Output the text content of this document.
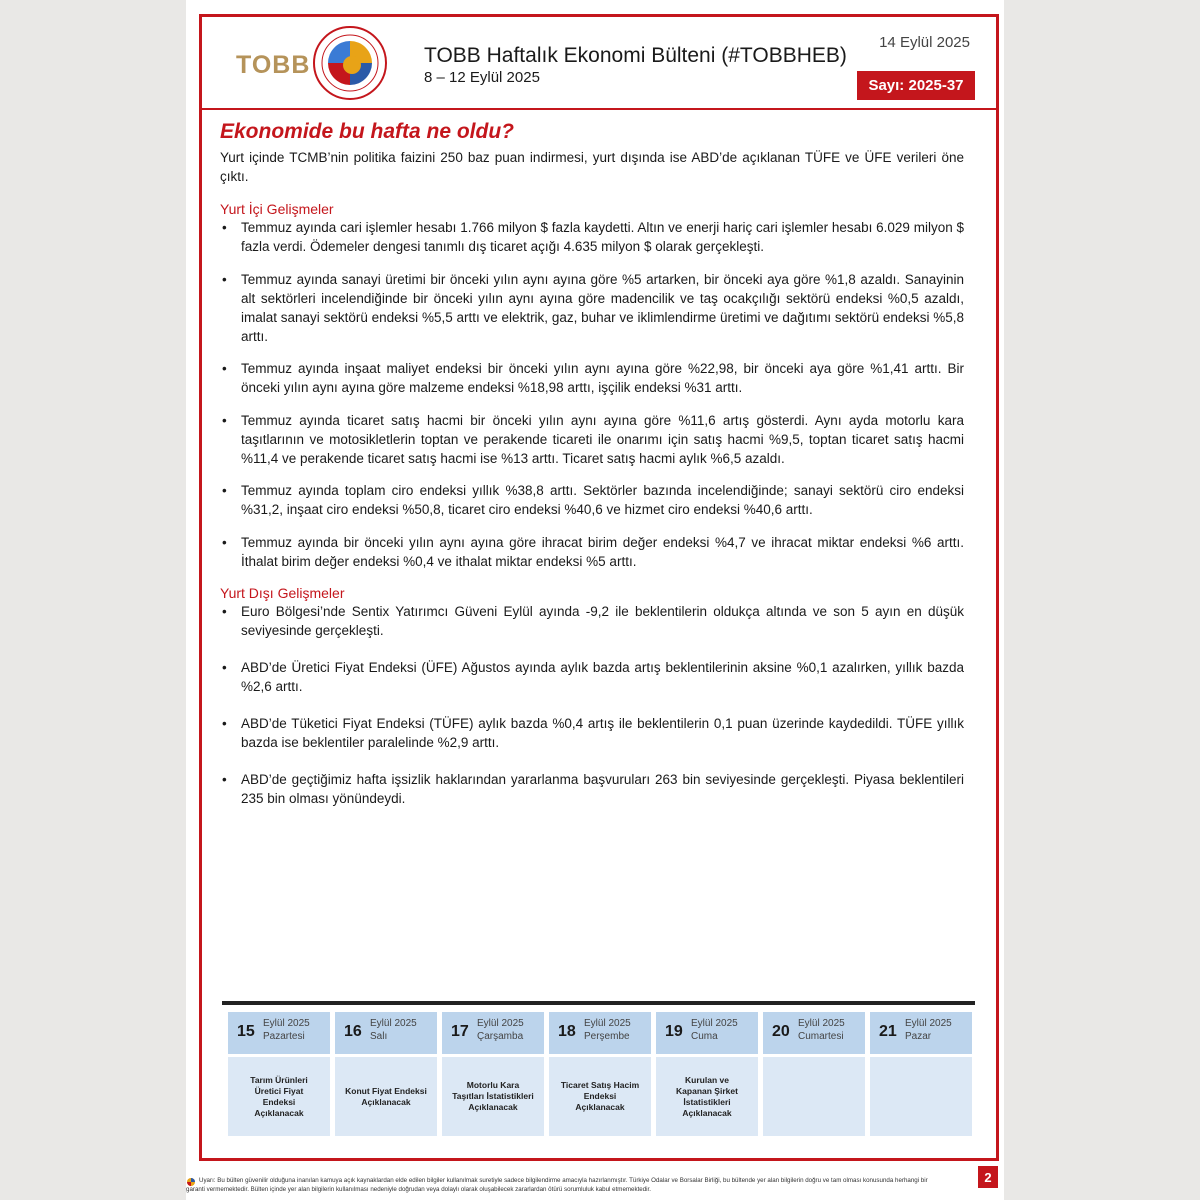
TOBB	TOBB Haftalık Ekonomi Bülteni (#TOBBHEB)
8 – 12 Eylül 2025
14 Eylül 2025
Sayı: 2025-37
Ekonomide bu hafta ne oldu?
Yurt içinde TCMB’nin politika faizini 250 baz puan indirmesi, yurt dışında ise ABD’de açıklanan TÜFE ve ÜFE verileri öne çıktı.
Yurt İçi Gelişmeler
• Temmuz ayında cari işlemler hesabı 1.766 milyon $ fazla kaydetti. Altın ve enerji hariç cari işlemler hesabı 6.029 milyon $ fazla verdi. Ödemeler dengesi tanımlı dış ticaret açığı 4.635 milyon $ olarak gerçekleşti.
• Temmuz ayında sanayi üretimi bir önceki yılın aynı ayına göre %5 artarken, bir önceki aya göre %1,8 azaldı. Sanayinin alt sektörleri incelendiğinde bir önceki yılın aynı ayına göre madencilik ve taş ocakçılığı sektörü endeksi %0,5 azaldı, imalat sanayi sektörü endeksi %5,5 arttı ve elektrik, gaz, buhar ve iklimlendirme üretimi ve dağıtımı sektörü endeksi %5,8 arttı.
• Temmuz ayında inşaat maliyet endeksi bir önceki yılın aynı ayına göre %22,98, bir önceki aya göre %1,41 arttı. Bir önceki yılın aynı ayına göre malzeme endeksi %18,98 arttı, işçilik endeksi %31 arttı.
• Temmuz ayında ticaret satış hacmi bir önceki yılın aynı ayına göre %11,6 artış gösterdi. Aynı ayda motorlu kara taşıtlarının ve motosikletlerin toptan ve perakende ticareti ile onarımı için satış hacmi %9,5, toptan ticaret satış hacmi %11,4 ve perakende ticaret satış hacmi ise %13 arttı. Ticaret satış hacmi aylık %6,5 azaldı.
• Temmuz ayında toplam ciro endeksi yıllık %38,8 arttı. Sektörler bazında incelendiğinde; sanayi sektörü ciro endeksi %31,2, inşaat ciro endeksi %50,8, ticaret ciro endeksi %40,6 ve hizmet ciro endeksi %40,6 arttı.
• Temmuz ayında bir önceki yılın aynı ayına göre ihracat birim değer endeksi %4,7 ve ihracat miktar endeksi %6 arttı. İthalat birim değer endeksi %0,4 ve ithalat miktar endeksi %5 arttı.
Yurt Dışı Gelişmeler
• Euro Bölgesi’nde Sentix Yatırımcı Güveni Eylül ayında -9,2 ile beklentilerin oldukça altında ve son 5 ayın en düşük seviyesinde gerçekleşti.
• ABD’de Üretici Fiyat Endeksi (ÜFE) Ağustos ayında aylık bazda artış beklentilerinin aksine %0,1 azalırken, yıllık bazda %2,6 arttı.
• ABD’de Tüketici Fiyat Endeksi (TÜFE) aylık bazda %0,4 artış ile beklentilerin 0,1 puan üzerinde kaydedildi. TÜFE yıllık bazda ise beklentiler paralelinde %2,9 arttı.
• ABD’de geçtiğimiz hafta işsizlik haklarından yararlanma başvuruları 263 bin seviyesinde gerçekleşti. Piyasa beklentileri 235 bin olması yönündeydi.
15 Eylül 2025
Pazartesi
Tarım Ürünleri Üretici Fiyat Endeksi Açıklanacak
16 Eylül 2025
Salı
Konut Fiyat Endeksi Açıklanacak
17 Eylül 2025
Çarşamba
Motorlu Kara Taşıtları İstatistikleri Açıklanacak
18 Eylül 2025
Perşembe
Ticaret Satış Hacim Endeksi Açıklanacak
19 Eylül 2025
Cuma
Kurulan ve Kapanan Şirket İstatistikleri Açıklanacak
20 Eylül 2025
Cumartesi 21 Eylül 2025
Pazar
Uyarı: Bu bülten güvenilir olduğuna inanılan kamuya açık kaynaklardan elde edilen bilgiler kullanılmak suretiyle sadece bilgilendirme amacıyla hazırlanmıştır. Türkiye Odalar ve Borsalar Birliği, bu bültende yer alan bilgilerin doğru ve tam olması konusunda herhangi bir garanti vermemektedir. Bülten içinde yer alan bilgilerin kullanılması nedeniyle doğrudan veya dolaylı olarak oluşabilecek zararlardan ötürü sorumluluk kabul etmemektedir.
2
